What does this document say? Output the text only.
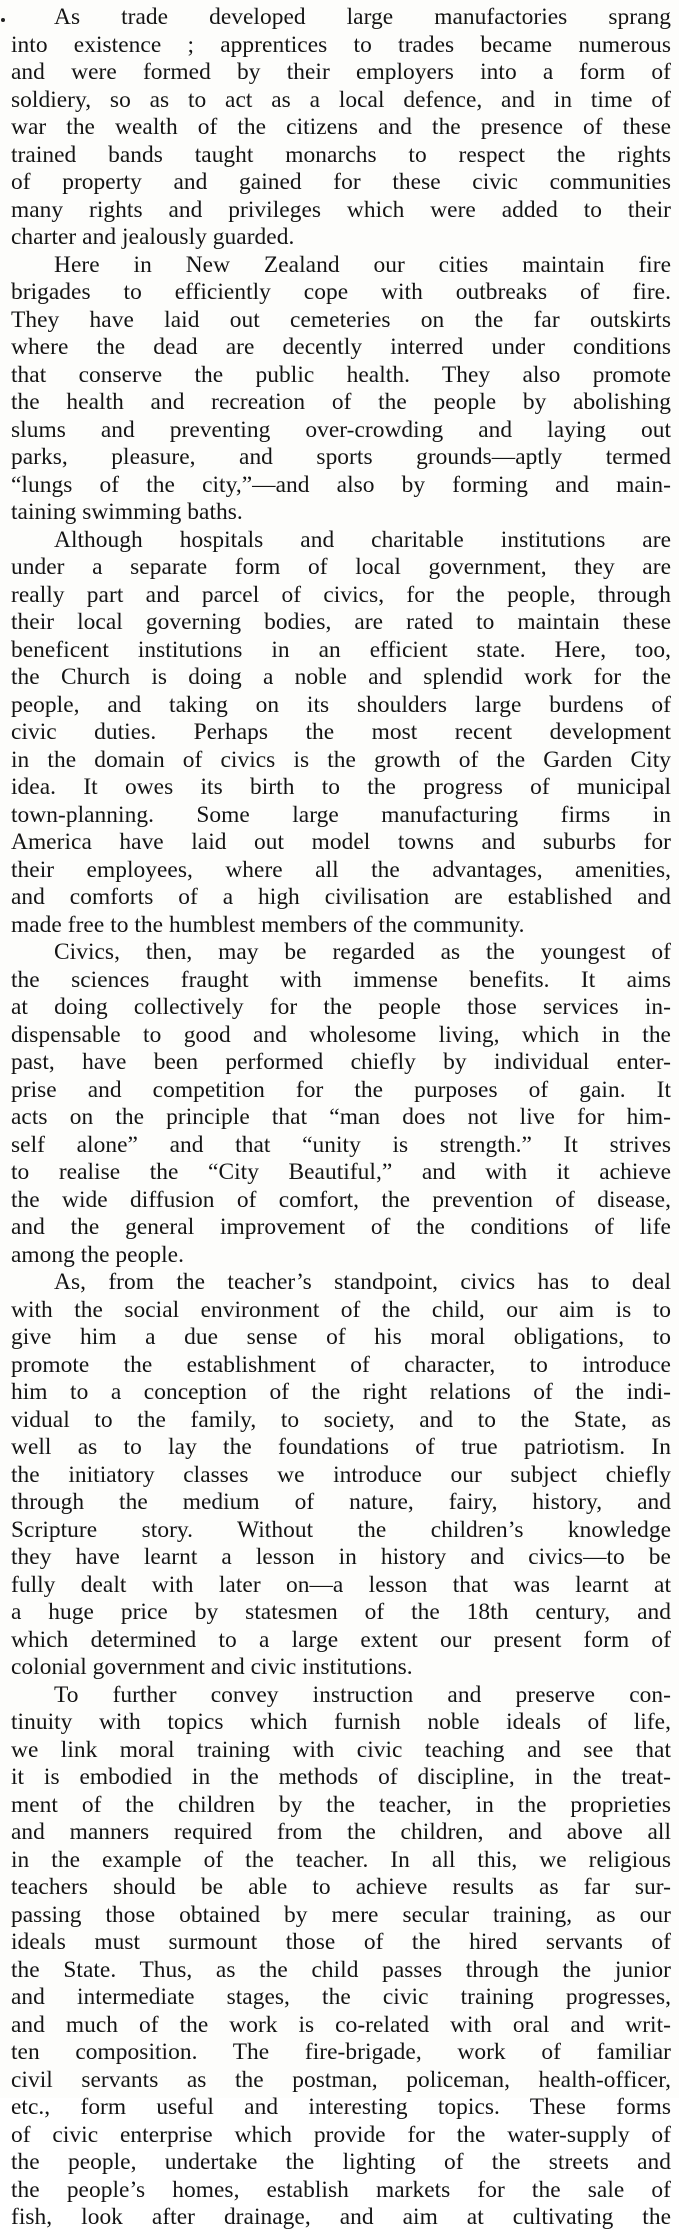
As trade developed large manufactories sprang
into existence ; apprentices to trades became numerous
and were formed by their employers into a form of
soldiery, so as to act as a local defence, and in time of
war the wealth of the citizens and the presence of these
trained bands taught monarchs to respect the rights
of property and gained for these civic communities
many rights and privileges which were added to their
charter and jealously guarded.

Here in New Zealand our cities maintain fire
brigades to efficiently cope with outbreaks of fire.
They have laid out cemeteries on the far outskirts
where the dead are decently interred under conditions
that conserve the public health. They also promote
the health and recreation of the people by abolishing
slums and preventing over-crowding and laying out
parks, pleasure, and sports grounds—aptly termed
“lungs of the city,”—and also by forming and main-
taining swimming baths.

Although hospitals and charitable institutions are
under a separate form of local government, they are
really part and parcel of civics, for the people, through
their local governing bodies, are rated to maintain these
beneficent institutions in an efficient state. Here, too,
the Church is doing a noble and splendid work for the
people, and taking on its shoulders large burdens of
civic duties. Perhaps the most recent development
in the domain of civics is the growth of the Garden City
idea. It owes its birth to the progress of municipal
town-planning. Some large manufacturing firms in
America have laid out model towns and suburbs for
their employees, where all the advantages, amenities,
and comforts of a high civilisation are established and
made free to the humblest members of the community.

Civics, then, may be regarded as the youngest of
the sciences fraught with immense benefits. It aims
at doing collectively for the people those services in-
dispensable to good and wholesome living, which in the
past, have been performed chiefly by individual enter-
prise and competition for the purposes of gain. It
acts on the principle that “man does not live for him-
self alone” and that “unity is strength.” It strives
to realise the “City Beautiful,” and with it achieve
the wide diffusion of comfort, the prevention of disease,
and the general improvement of the conditions of life
among the people.

As, from the teacher’s standpoint, civics has to deal
with the social environment of the child, our aim is to
give him a due sense of his moral obligations, to
promote the establishment of character, to introduce
him to a conception of the right relations of the indi-
vidual to the family, to society, and to the State, as
well as to lay the foundations of true patriotism. In
the initiatory classes we introduce our subject chiefly
through the medium of nature, fairy, history, and
Scripture story. Without the children’s knowledge
they have learnt a lesson in history and civics—to be
fully dealt with later on—a lesson that was learnt at
a huge price by statesmen of the 18th century, and
which determined to a large extent our present form of
colonial government and civic institutions.

To further convey instruction and preserve con-
tinuity with topics which furnish noble ideals of life,
we link moral training with civic teaching and see that
it is embodied in the methods of discipline, in the treat-
ment of the children by the teacher, in the proprieties
and manners required from the children, and above all
in the example of the teacher. In all this, we religious
teachers should be able to achieve results as far sur-
passing those obtained by mere secular training, as our
ideals must surmount those of the hired servants of
the State. Thus, as the child passes through the junior
and intermediate stages, the civic training progresses,
and much of the work is co-related with oral and writ-
ten composition. The fire-brigade, work of familiar
civil servants as the postman, policeman, health-officer,
etc., form useful and interesting topics. These forms
of civic enterprise which provide for the water-supply of
the people, undertake the lighting of the streets and
the people’s homes, establish markets for the sale of
fish, look after drainage, and aim at cultivating the
